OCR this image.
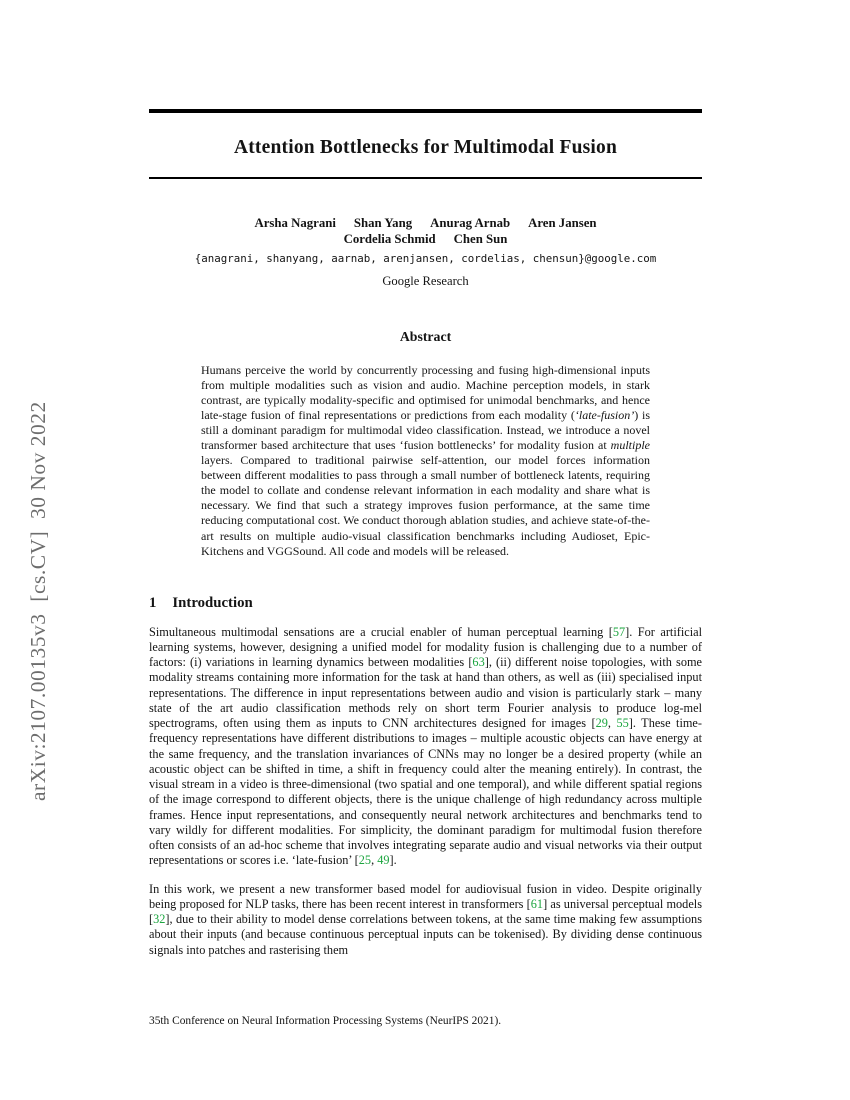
arXiv:2107.00135v3  [cs.CV]  30 Nov 2022
Attention Bottlenecks for Multimodal Fusion
Arsha Nagrani Shan Yang Anurag Arnab Aren Jansen
Cordelia Schmid Chen Sun
{anagrani, shanyang, aarnab, arenjansen, cordelias, chensun}@google.com
Google Research
Abstract
Humans perceive the world by concurrently processing and fusing high-dimensional inputs from multiple modalities such as vision and audio. Machine perception models, in stark contrast, are typically modality-specific and optimised for unimodal benchmarks, and hence late-stage fusion of final representations or predictions from each modality (‘late-fusion’) is still a dominant paradigm for multimodal video classification. Instead, we introduce a novel transformer based architecture that uses ‘fusion bottlenecks’ for modality fusion at multiple layers. Compared to traditional pairwise self-attention, our model forces information between different modalities to pass through a small number of bottleneck latents, requiring the model to collate and condense relevant information in each modality and share what is necessary. We find that such a strategy improves fusion performance, at the same time reducing computational cost. We conduct thorough ablation studies, and achieve state-of-the-art results on multiple audio-visual classification benchmarks including Audioset, Epic-Kitchens and VGGSound. All code and models will be released.
1 Introduction
Simultaneous multimodal sensations are a crucial enabler of human perceptual learning [57]. For artificial learning systems, however, designing a unified model for modality fusion is challenging due to a number of factors: (i) variations in learning dynamics between modalities [63], (ii) different noise topologies, with some modality streams containing more information for the task at hand than others, as well as (iii) specialised input representations. The difference in input representations between audio and vision is particularly stark – many state of the art audio classification methods rely on short term Fourier analysis to produce log-mel spectrograms, often using them as inputs to CNN architectures designed for images [29, 55]. These time-frequency representations have different distributions to images – multiple acoustic objects can have energy at the same frequency, and the translation invariances of CNNs may no longer be a desired property (while an acoustic object can be shifted in time, a shift in frequency could alter the meaning entirely). In contrast, the visual stream in a video is three-dimensional (two spatial and one temporal), and while different spatial regions of the image correspond to different objects, there is the unique challenge of high redundancy across multiple frames. Hence input representations, and consequently neural network architectures and benchmarks tend to vary wildly for different modalities. For simplicity, the dominant paradigm for multimodal fusion therefore often consists of an ad-hoc scheme that involves integrating separate audio and visual networks via their output representations or scores i.e. ‘late-fusion’ [25, 49].
In this work, we present a new transformer based model for audiovisual fusion in video. Despite originally being proposed for NLP tasks, there has been recent interest in transformers [61] as universal perceptual models [32], due to their ability to model dense correlations between tokens, at the same time making few assumptions about their inputs (and because continuous perceptual inputs can be tokenised). By dividing dense continuous signals into patches and rasterising them
35th Conference on Neural Information Processing Systems (NeurIPS 2021).
